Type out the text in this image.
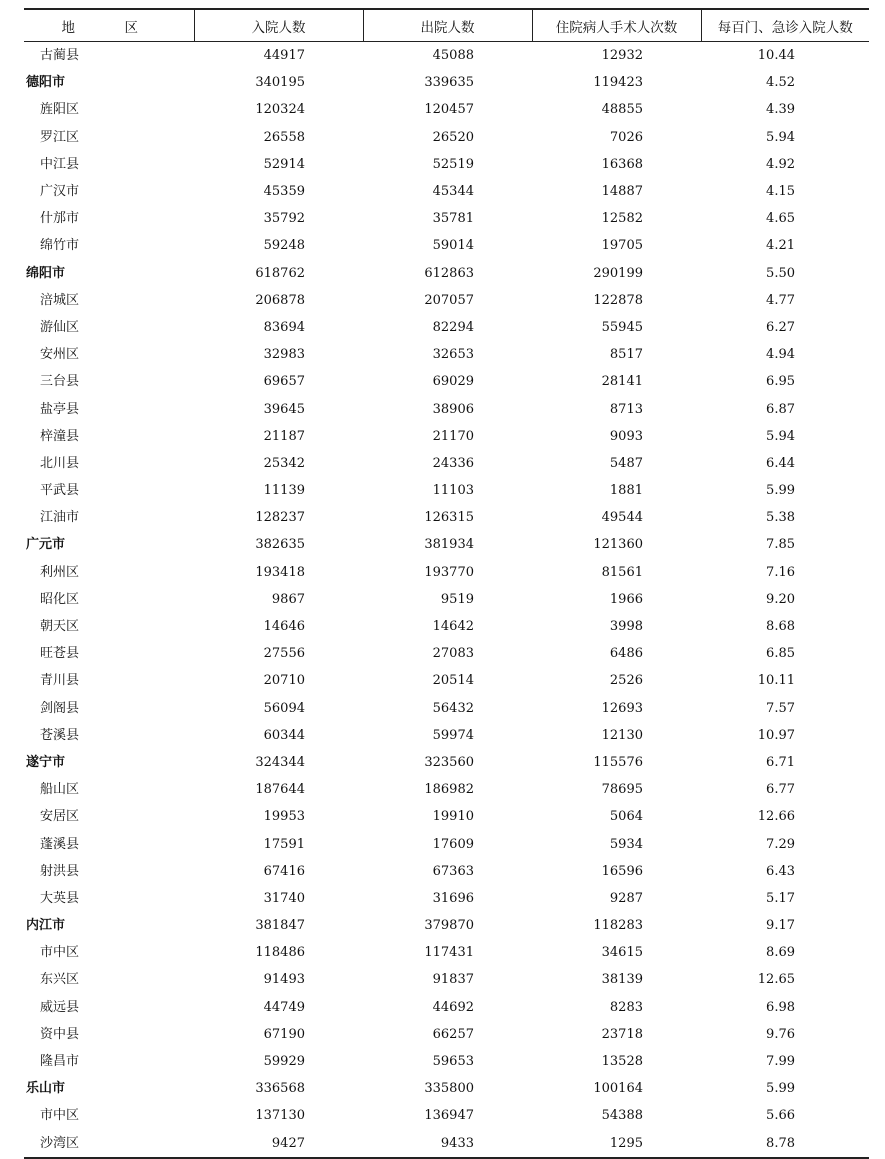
地　区	入院人数	出院人数	住院病人手术人次数	每百门、急诊入院人数
古蔺县	44917	45088	12932	10.44
德阳市	340195	339635	119423	4.52
旌阳区	120324	120457	48855	4.39
罗江区	26558	26520	7026	5.94
中江县	52914	52519	16368	4.92
广汉市	45359	45344	14887	4.15
什邡市	35792	35781	12582	4.65
绵竹市	59248	59014	19705	4.21
绵阳市	618762	612863	290199	5.50
涪城区	206878	207057	122878	4.77
游仙区	83694	82294	55945	6.27
安州区	32983	32653	8517	4.94
三台县	69657	69029	28141	6.95
盐亭县	39645	38906	8713	6.87
梓潼县	21187	21170	9093	5.94
北川县	25342	24336	5487	6.44
平武县	11139	11103	1881	5.99
江油市	128237	126315	49544	5.38
广元市	382635	381934	121360	7.85
利州区	193418	193770	81561	7.16
昭化区	9867	9519	1966	9.20
朝天区	14646	14642	3998	8.68
旺苍县	27556	27083	6486	6.85
青川县	20710	20514	2526	10.11
剑阁县	56094	56432	12693	7.57
苍溪县	60344	59974	12130	10.97
遂宁市	324344	323560	115576	6.71
船山区	187644	186982	78695	6.77
安居区	19953	19910	5064	12.66
蓬溪县	17591	17609	5934	7.29
射洪县	67416	67363	16596	6.43
大英县	31740	31696	9287	5.17
内江市	381847	379870	118283	9.17
市中区	118486	117431	34615	8.69
东兴区	91493	91837	38139	12.65
威远县	44749	44692	8283	6.98
资中县	67190	66257	23718	9.76
隆昌市	59929	59653	13528	7.99
乐山市	336568	335800	100164	5.99
市中区	137130	136947	54388	5.66
沙湾区	9427	9433	1295	8.78
